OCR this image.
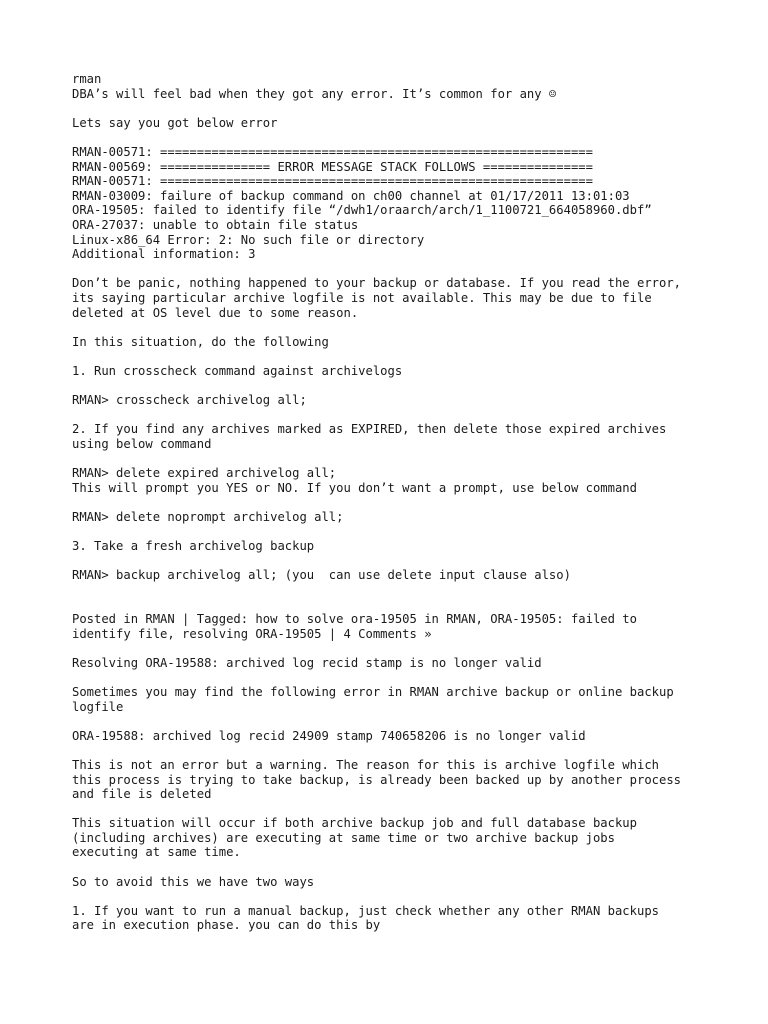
rman
DBA’s will feel bad when they got any error. It’s common for any ☺
Lets say you got below error
RMAN-00571: ===========================================================
RMAN-00569: =============== ERROR MESSAGE STACK FOLLOWS ===============
RMAN-00571: ===========================================================
RMAN-03009: failure of backup command on ch00 channel at 01/17/2011 13:01:03
ORA-19505: failed to identify file “/dwh1/oraarch/arch/1_1100721_664058960.dbf”
ORA-27037: unable to obtain file status
Linux-x86_64 Error: 2: No such file or directory
Additional information: 3
Don’t be panic, nothing happened to your backup or database. If you read the error,
its saying particular archive logfile is not available. This may be due to file
deleted at OS level due to some reason.
In this situation, do the following
1. Run crosscheck command against archivelogs
RMAN> crosscheck archivelog all;
2. If you find any archives marked as EXPIRED, then delete those expired archives
using below command
RMAN> delete expired archivelog all;
This will prompt you YES or NO. If you don’t want a prompt, use below command
RMAN> delete noprompt archivelog all;
3. Take a fresh archivelog backup
RMAN> backup archivelog all; (you  can use delete input clause also)
Posted in RMAN | Tagged: how to solve ora-19505 in RMAN, ORA-19505: failed to
identify file, resolving ORA-19505 | 4 Comments »
Resolving ORA-19588: archived log recid stamp is no longer valid
Sometimes you may find the following error in RMAN archive backup or online backup
logfile
ORA-19588: archived log recid 24909 stamp 740658206 is no longer valid
This is not an error but a warning. The reason for this is archive logfile which
this process is trying to take backup, is already been backed up by another process
and file is deleted
This situation will occur if both archive backup job and full database backup
(including archives) are executing at same time or two archive backup jobs
executing at same time.
So to avoid this we have two ways
1. If you want to run a manual backup, just check whether any other RMAN backups
are in execution phase. you can do this by
